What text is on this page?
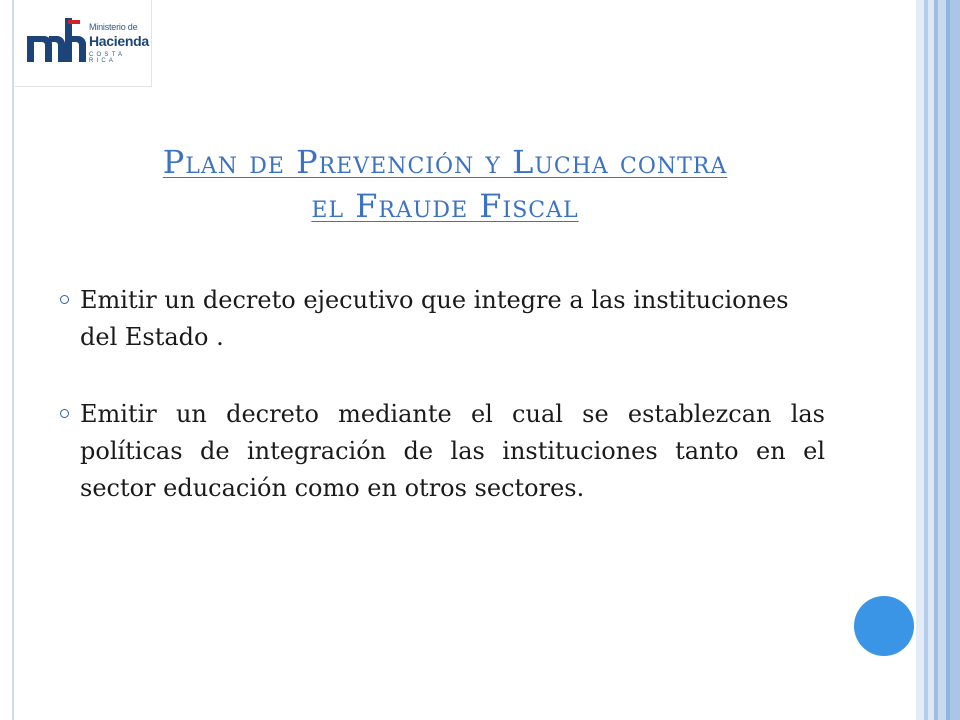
Ministerio de
Hacienda
COSTA RICA
Plan de Prevención y Lucha contra
el Fraude Fiscal
Emitir un decreto ejecutivo que integre a las instituciones del Estado .
Emitir un decreto mediante el cual se establezcan las políticas de integración de las instituciones tanto en el sector educación como en otros sectores.
